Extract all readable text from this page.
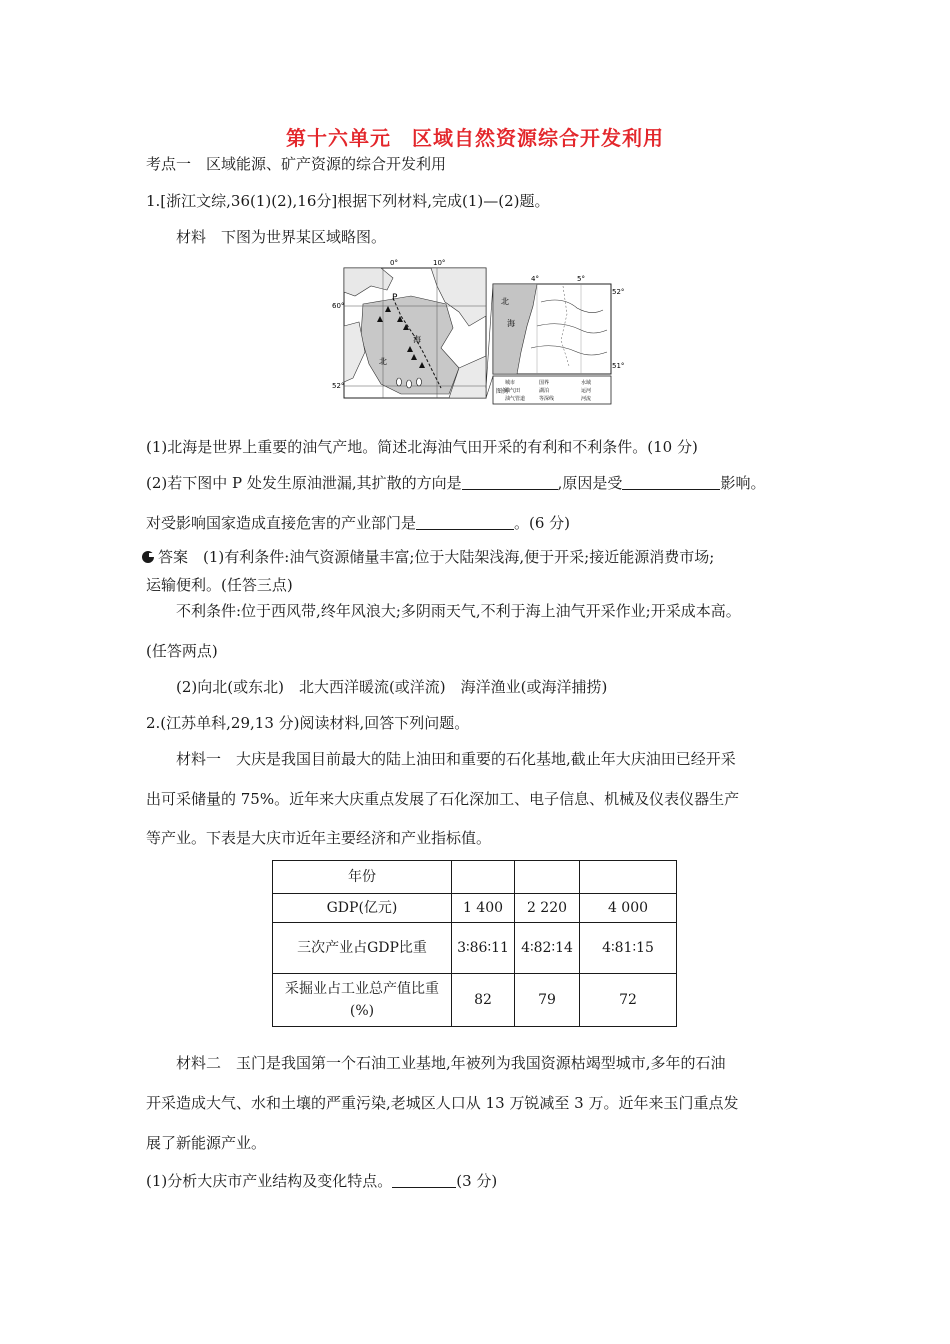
第十六单元　区域自然资源综合开发利用
考点一　区域能源、矿产资源的综合开发利用
1.[浙江文综,36(1)(2),16分]根据下列材料,完成(1)—(2)题。
材料　下图为世界某区域略图。
0°	10°
60°
52°
P
北
海
4°	5°
52°
51°
北
海
图例
城市	国界	水域
油气田	湖泊	运河
油气管道	等深线	河流
(1)北海是世界上重要的油气产地。简述北海油气田开采的有利和不利条件。(10 分)
(2)若下图中 P 处发生原油泄漏,其扩散的方向是	,原因是受	影响。
对受影响国家造成直接危害的产业部门是	。(6 分)
答案　 (1)有利条件:油气资源储量丰富;位于大陆架浅海,便于开采;接近能源消费市场;
运输便利。(任答三点)
不利条件:位于西风带,终年风浪大;多阴雨天气,不利于海上油气开采作业;开采成本高。
(任答两点)
(2)向北(或东北)　北大西洋暖流(或洋流)　海洋渔业(或海洋捕捞)
2.(江苏单科,29,13 分)阅读材料,回答下列问题。
材料一　大庆是我国目前最大的陆上油田和重要的石化基地,截止年大庆油田已经开采
出可采储量的 75%。近年来大庆重点发展了石化深加工、电子信息、机械及仪表仪器生产
等产业。下表是大庆市近年主要经济和产业指标值。
年份			
GDP(亿元)	1 400	2 220	4 000
三次产业占GDP比重	3∶86∶11	4∶82∶14	4∶81∶15
采掘业占工业总产值比重(%)	82	79	72
材料二　玉门是我国第一个石油工业基地,年被列为我国资源枯竭型城市,多年的石油
开采造成大气、水和土壤的严重污染,老城区人口从 13 万锐减至 3 万。近年来玉门重点发
展了新能源产业。
(1)分析大庆市产业结构及变化特点。	(3 分)
